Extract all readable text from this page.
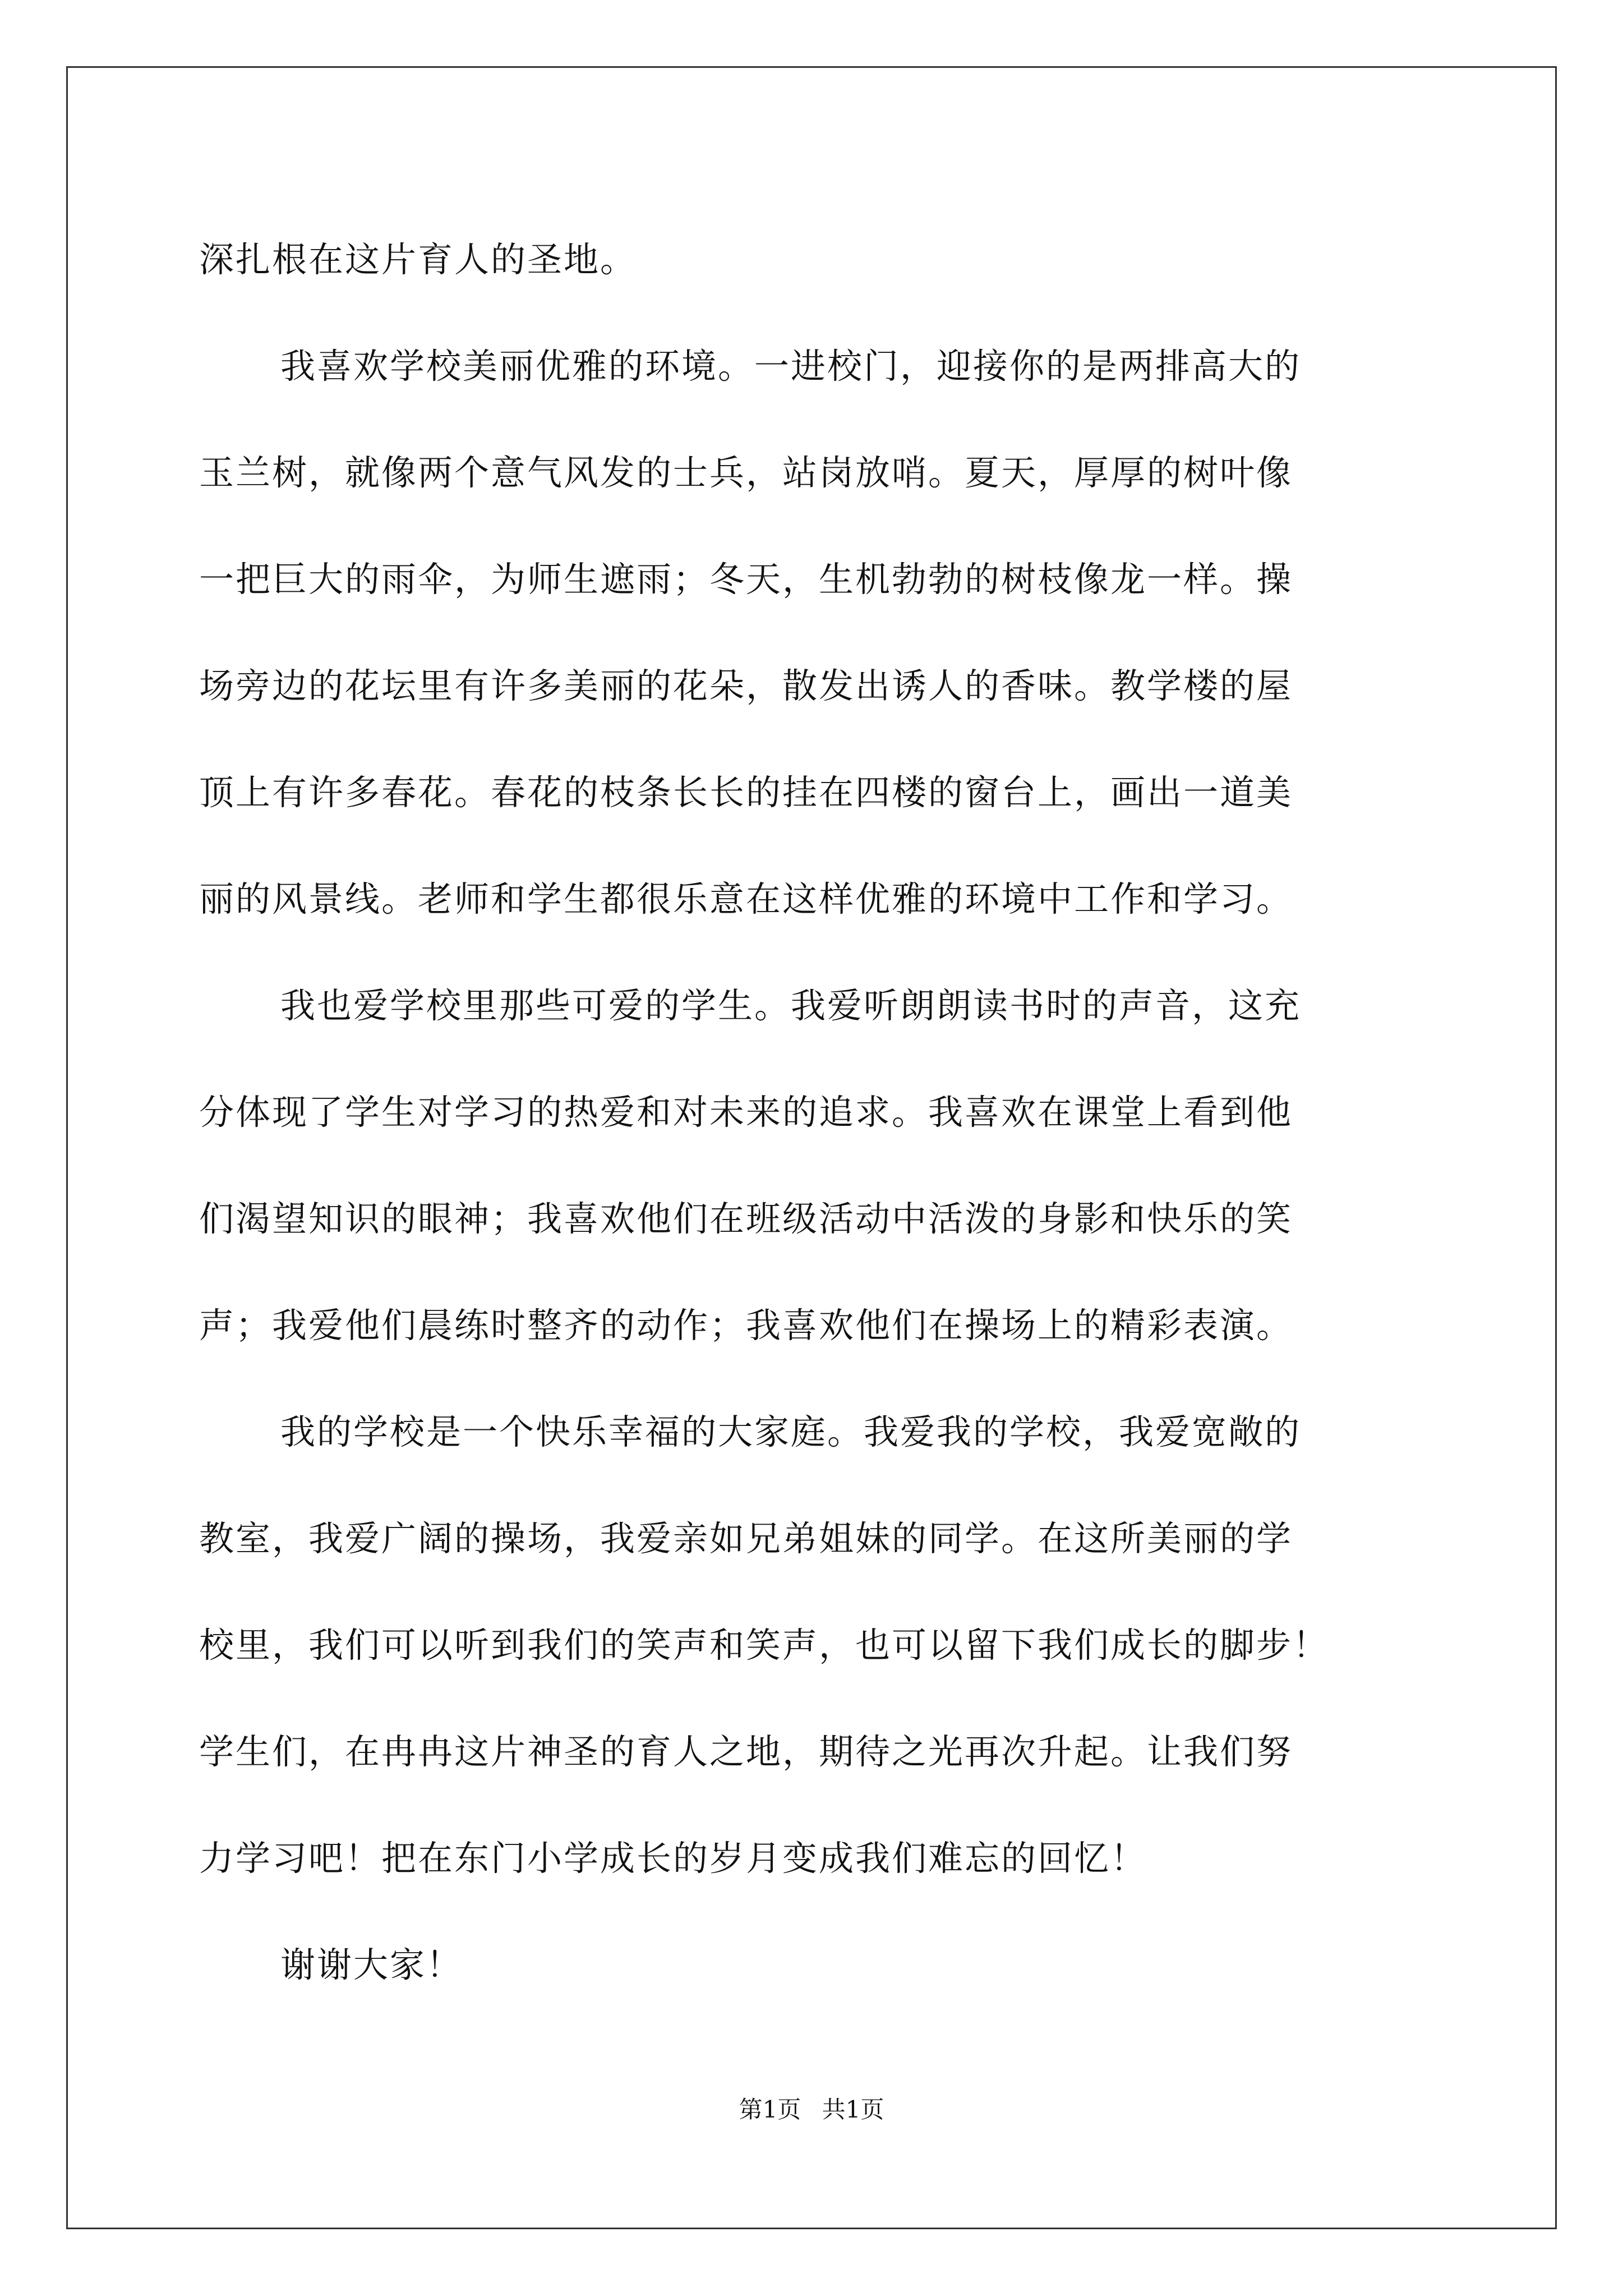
深扎根在这片育人的圣地。
我喜欢学校美丽优雅的环境。一进校门，迎接你的是两排高大的
玉兰树，就像两个意气风发的士兵，站岗放哨。夏天，厚厚的树叶像
一把巨大的雨伞，为师生遮雨；冬天，生机勃勃的树枝像龙一样。操
场旁边的花坛里有许多美丽的花朵，散发出诱人的香味。教学楼的屋
顶上有许多春花。春花的枝条长长的挂在四楼的窗台上，画出一道美
丽的风景线。老师和学生都很乐意在这样优雅的环境中工作和学习。
我也爱学校里那些可爱的学生。我爱听朗朗读书时的声音，这充
分体现了学生对学习的热爱和对未来的追求。我喜欢在课堂上看到他
们渴望知识的眼神；我喜欢他们在班级活动中活泼的身影和快乐的笑
声；我爱他们晨练时整齐的动作；我喜欢他们在操场上的精彩表演。
我的学校是一个快乐幸福的大家庭。我爱我的学校，我爱宽敞的
教室，我爱广阔的操场，我爱亲如兄弟姐妹的同学。在这所美丽的学
校里，我们可以听到我们的笑声和笑声，也可以留下我们成长的脚步！
学生们，在冉冉这片神圣的育人之地，期待之光再次升起。让我们努
力学习吧！把在东门小学成长的岁月变成我们难忘的回忆！
谢谢大家！
第1页 共1页
